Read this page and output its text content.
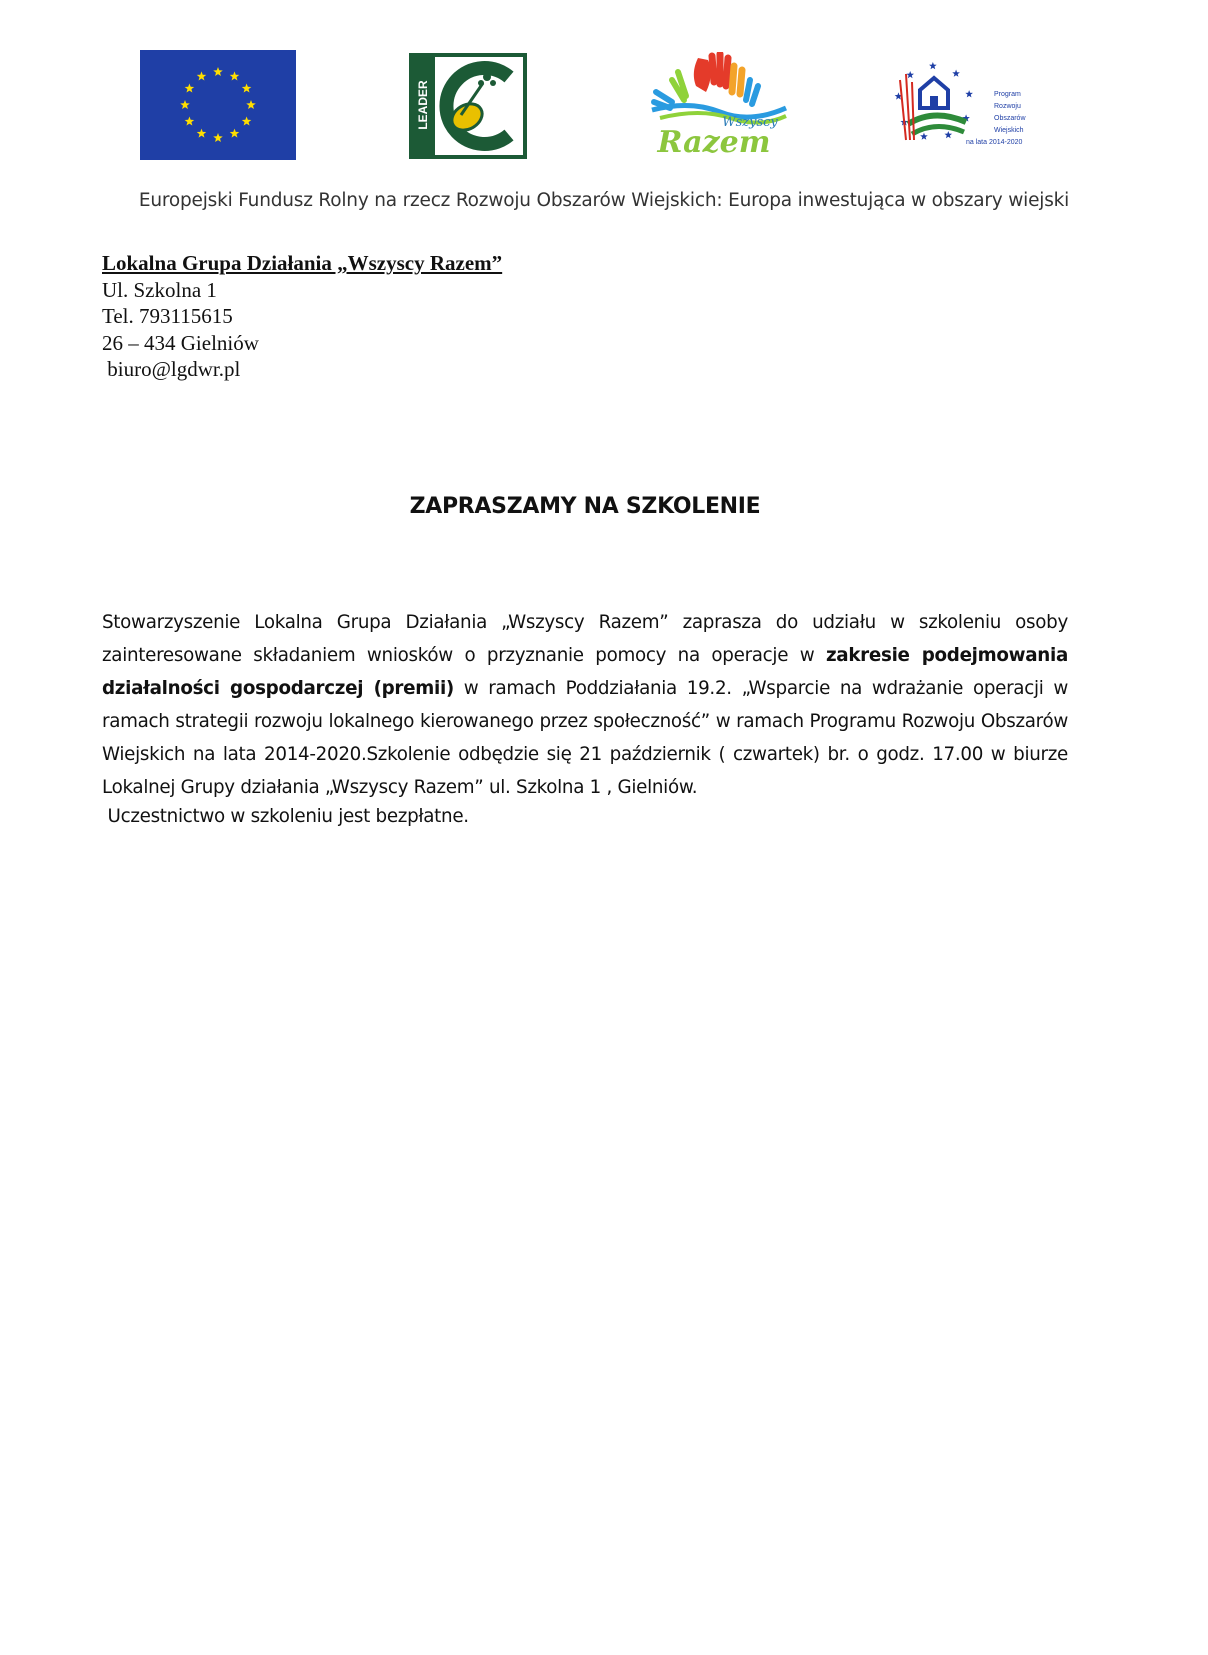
LEADER	Wszyscy
Razem
Program
Rozwoju
Obszarów
Wiejskich
na lata 2014-2020
Europejski Fundusz Rolny na rzecz Rozwoju Obszarów Wiejskich: Europa inwestująca w obszary wiejski
Lokalna Grupa Działania „Wszyscy Razem”
Ul. Szkolna 1
Tel. 793115615
26 – 434 Gielniów
biuro@lgdwr.pl
ZAPRASZAMY NA SZKOLENIE
Stowarzyszenie Lokalna Grupa Działania „Wszyscy Razem” zaprasza do udziału w szkoleniu osoby zainteresowane składaniem wniosków o przyznanie pomocy na operacje w zakresie podejmowania działalności gospodarczej (premii) w ramach Poddziałania 19.2. „Wsparcie na wdrażanie operacji w ramach strategii rozwoju lokalnego kierowanego przez społeczność” w ramach Programu Rozwoju Obszarów Wiejskich na lata 2014-2020.Szkolenie odbędzie się 21 październik ( czwartek) br. o godz. 17.00 w biurze Lokalnej Grupy działania „Wszyscy Razem” ul. Szkolna 1 , Gielniów.
Uczestnictwo w szkoleniu jest bezpłatne.
